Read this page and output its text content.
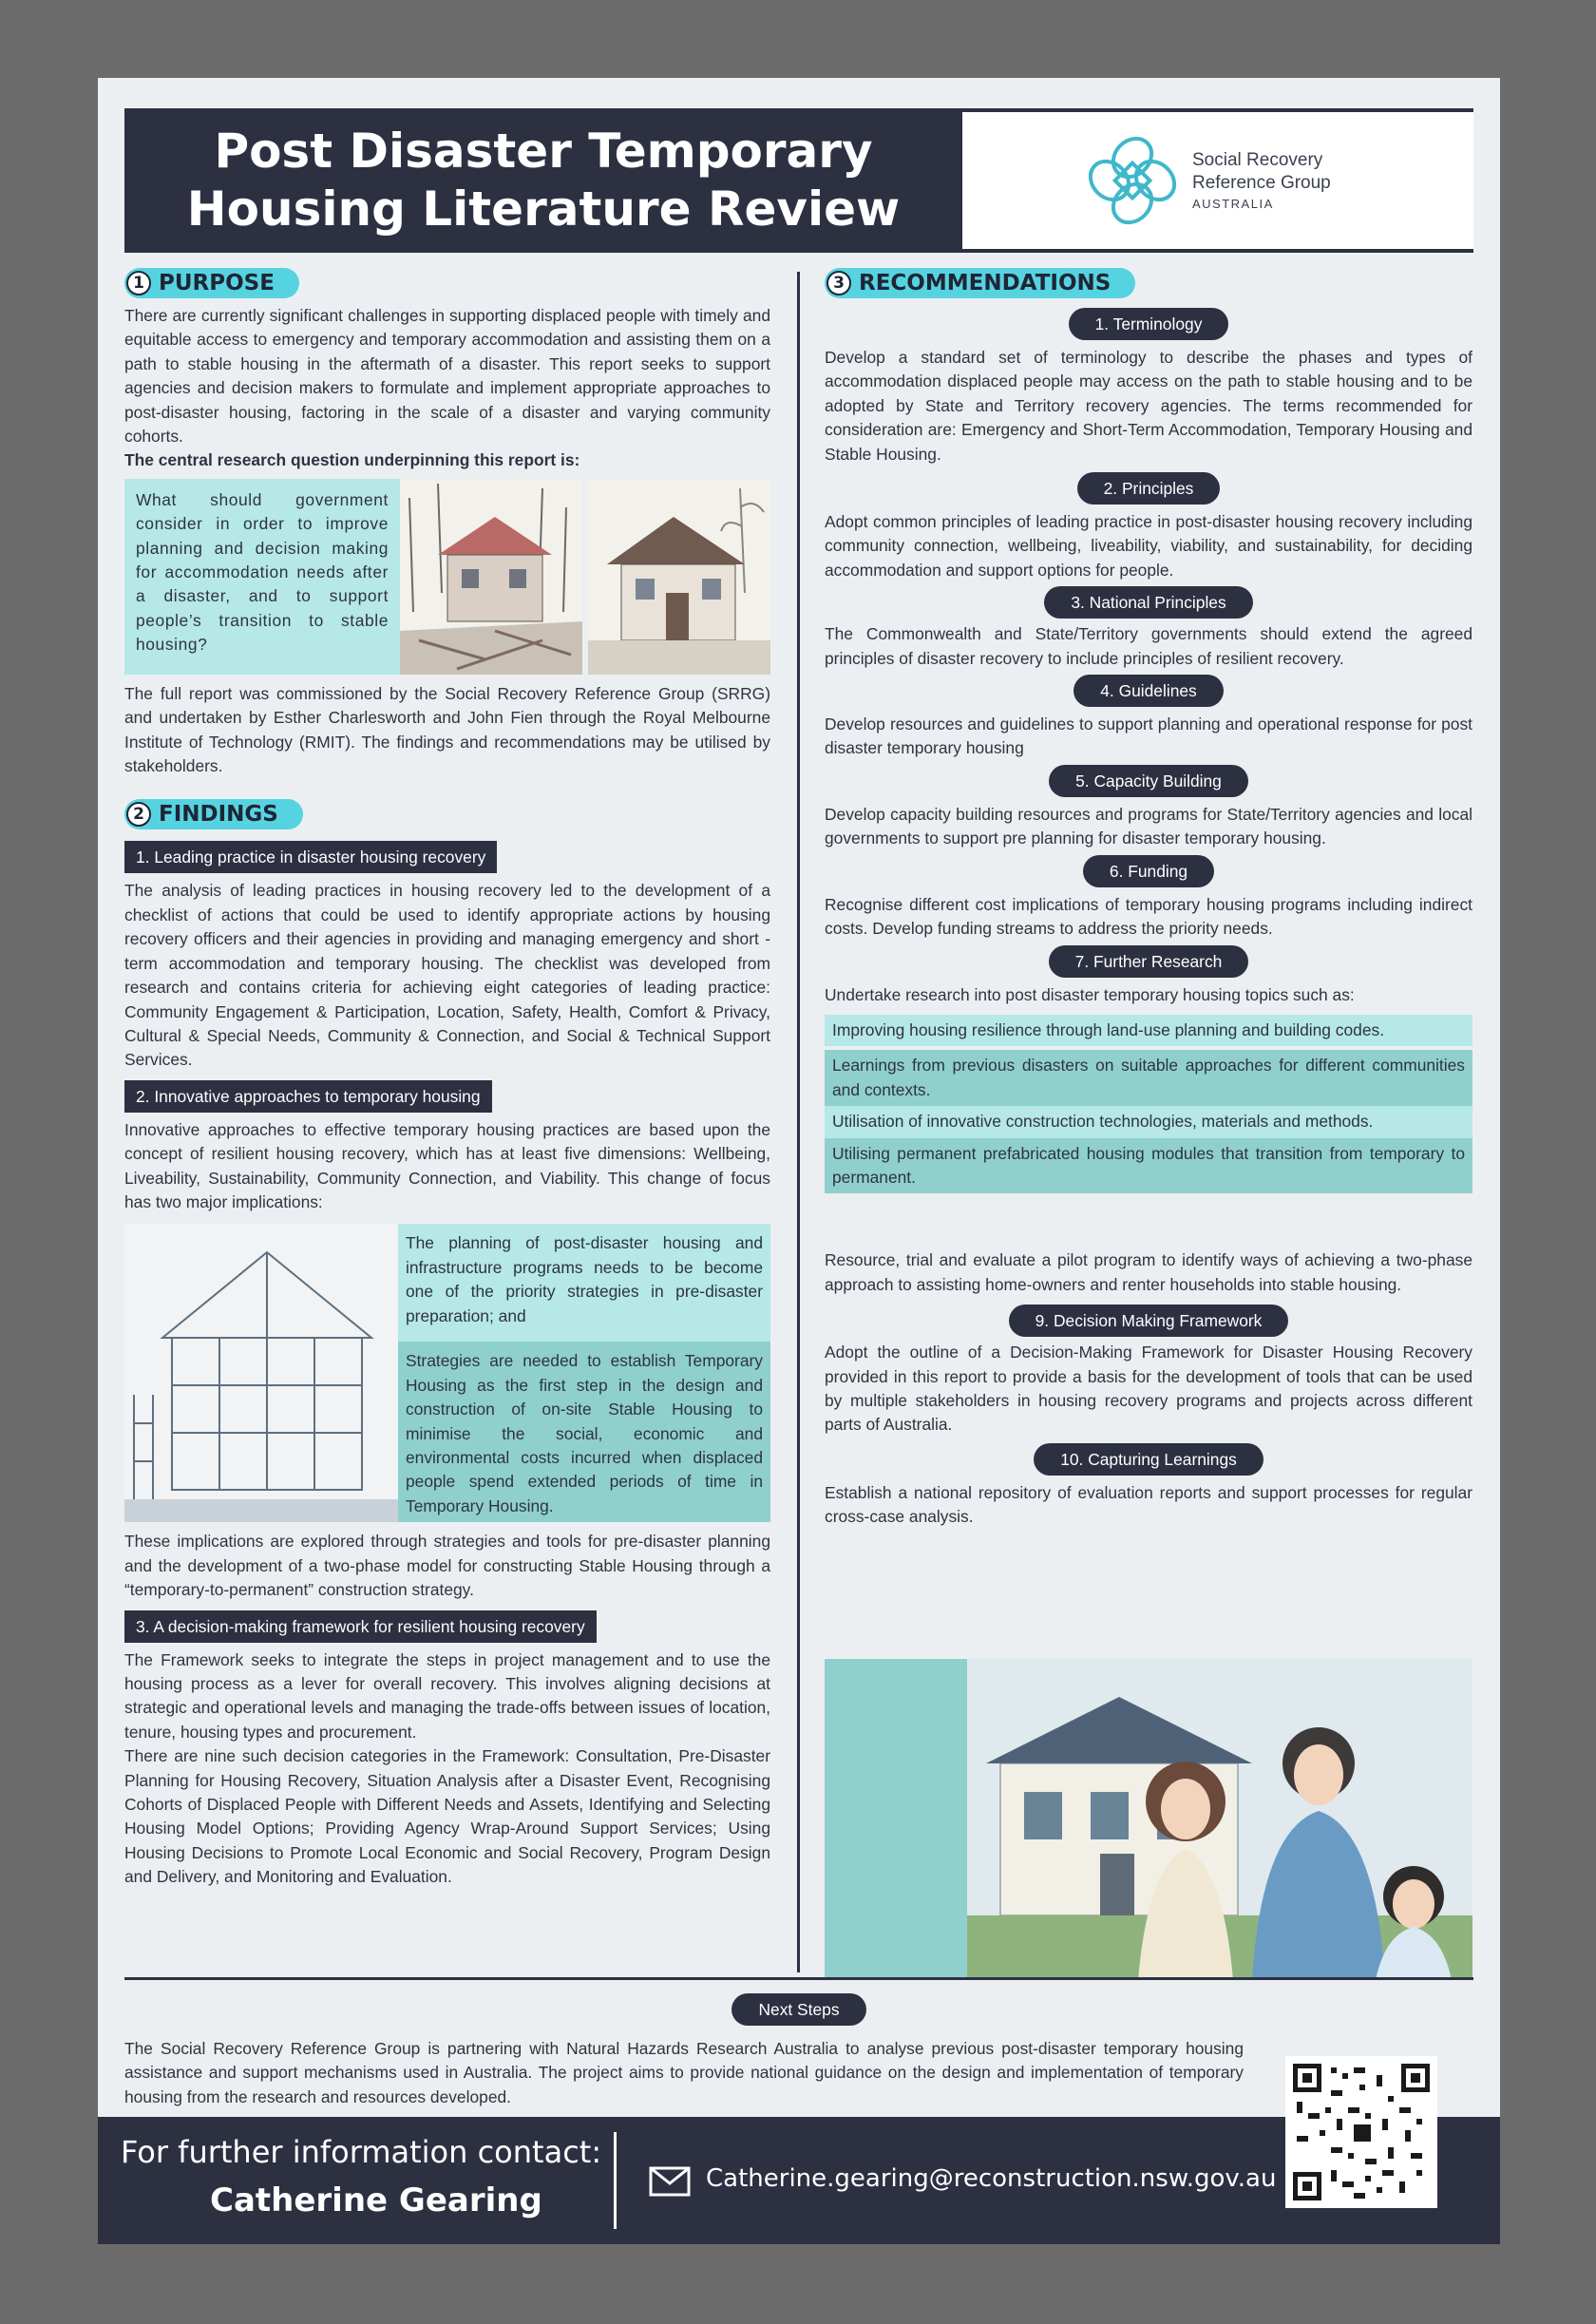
Post Disaster Temporary Housing Literature Review
Social Recovery
Reference Group
AUSTRALIA
1 PURPOSE

There are currently significant challenges in supporting displaced people with timely and equitable access to emergency and temporary accommodation and assisting them on a path to stable housing in the aftermath of a disaster. This report seeks to support agencies and decision makers to formulate and implement appropriate approaches to post-disaster housing, factoring in the scale of a disaster and varying community cohorts.

The central research question underpinning this report is:

What should government consider in order to improve planning and decision making for accommodation needs after a disaster, and to support people’s transition to stable housing?

The full report was commissioned by the Social Recovery Reference Group (SRRG) and undertaken by Esther Charlesworth and John Fien through the Royal Melbourne Institute of Technology (RMIT). The findings and recommendations may be utilised by stakeholders.

2 FINDINGS
1. Leading practice in disaster housing recovery

The analysis of leading practices in housing recovery led to the development of a checklist of actions that could be used to identify appropriate actions by housing recovery officers and their agencies in providing and managing emergency and short - term accommodation and temporary housing. The checklist was developed from research and contains criteria for achieving eight categories of leading practice: Community Engagement & Participation, Location, Safety, Health, Comfort & Privacy, Cultural & Special Needs, Community & Connection, and Social & Technical Support Services.

2. Innovative approaches to temporary housing

Innovative approaches to effective temporary housing practices are based upon the concept of resilient housing recovery, which has at least five dimensions: Wellbeing, Liveability, Sustainability, Community Connection, and Viability. This change of focus has two major implications:

The planning of post-disaster housing and infrastructure programs needs to be become one of the priority strategies in pre-disaster preparation; and

Strategies are needed to establish Temporary Housing as the first step in the design and construction of on-site Stable Housing to minimise the social, economic and environmental costs incurred when displaced people spend extended periods of time in Temporary Housing.

These implications are explored through strategies and tools for pre-disaster planning and the development of a two-phase model for constructing Stable Housing through a “temporary-to-permanent” construction strategy.

3. A decision-making framework for resilient housing recovery

The Framework seeks to integrate the steps in project management and to use the housing process as a lever for overall recovery. This involves aligning decisions at strategic and operational levels and managing the trade-offs between issues of location, tenure, housing types and procurement.

There are nine such decision categories in the Framework: Consultation, Pre-Disaster Planning for Housing Recovery, Situation Analysis after a Disaster Event, Recognising Cohorts of Displaced People with Different Needs and Assets, Identifying and Selecting Housing Model Options; Providing Agency Wrap-Around Support Services; Using Housing Decisions to Promote Local Economic and Social Recovery, Program Design and Delivery, and Monitoring and Evaluation.

3 RECOMMENDATIONS
1. Terminology

Develop a standard set of terminology to describe the phases and types of accommodation displaced people may access on the path to stable housing and to be adopted by State and Territory recovery agencies. The terms recommended for consideration are: Emergency and Short-Term Accommodation, Temporary Housing and Stable Housing.

2. Principles

Adopt common principles of leading practice in post-disaster housing recovery including community connection, wellbeing, liveability, viability, and sustainability, for deciding accommodation and support options for people.

3. National Principles

The Commonwealth and State/Territory governments should extend the agreed principles of disaster recovery to include principles of resilient recovery.

4. Guidelines

Develop resources and guidelines to support planning and operational response for post disaster temporary housing

5. Capacity Building

Develop capacity building resources and programs for State/Territory agencies and local governments to support pre planning for disaster temporary housing.

6. Funding

Recognise different cost implications of temporary housing programs including indirect costs. Develop funding streams to address the priority needs.

7. Further Research

Undertake research into post disaster temporary housing topics such as:

Improving housing resilience through land-use planning and building codes.
Learnings from previous disasters on suitable approaches for different communities and contexts.
Utilisation of innovative construction technologies, materials and methods.
Utilising permanent prefabricated housing modules that transition from temporary to permanent.

Resource, trial and evaluate a pilot program to identify ways of achieving a two-phase approach to assisting home-owners and renter households into stable housing.

9. Decision Making Framework

Adopt the outline of a Decision-Making Framework for Disaster Housing Recovery provided in this report to provide a basis for the development of tools that can be used by multiple stakeholders in housing recovery programs and projects across different parts of Australia.

10. Capturing Learnings

Establish a national repository of evaluation reports and support processes for regular cross-case analysis.

Next Steps

The Social Recovery Reference Group is partnering with Natural Hazards Research Australia to analyse previous post-disaster temporary housing assistance and support mechanisms used in Australia. The project aims to provide national guidance on the design and implementation of temporary housing from the research and resources developed.

For further information contact:
Catherine Gearing
Catherine.gearing@reconstruction.nsw.gov.au
